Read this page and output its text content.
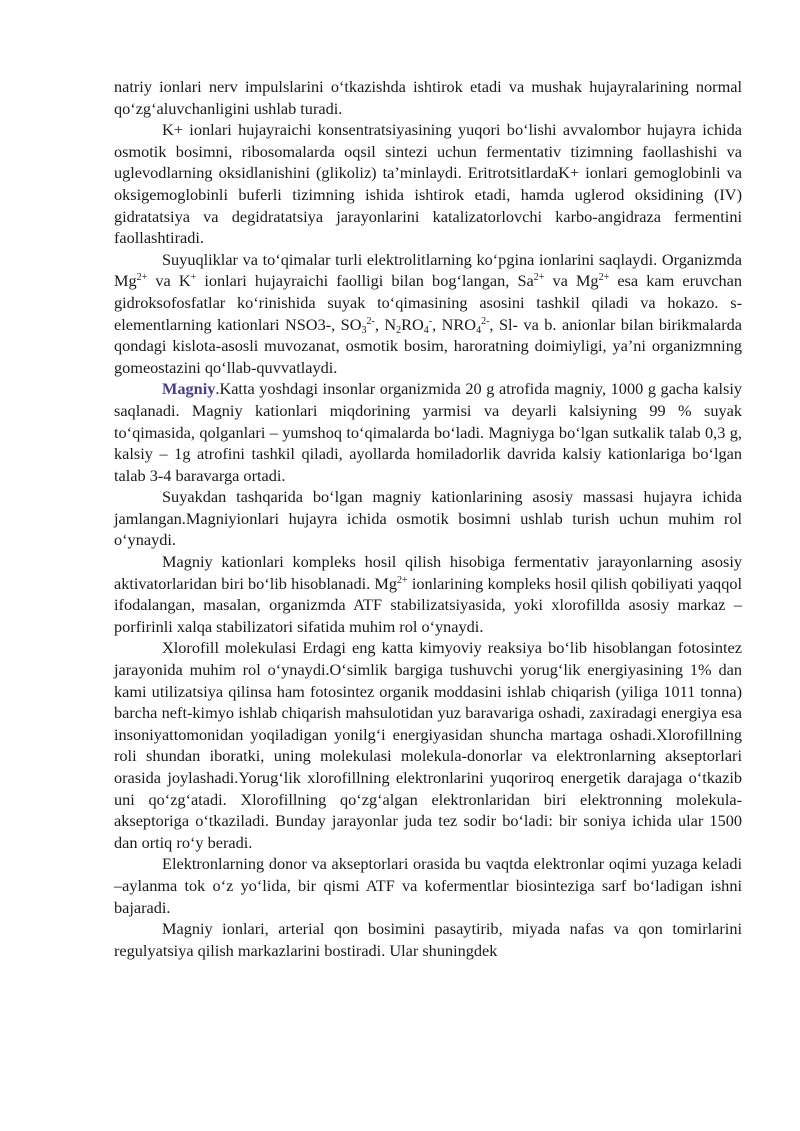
natriy ionlari nerv impulslarini o‘tkazishda ishtirok etadi va mushak hujayralarining normal qo‘zg‘aluvchanligini ushlab turadi.

K+ ionlari hujayraichi konsentratsiyasining yuqori bo‘lishi avvalombor hujayra ichida osmotik bosimni, ribosomalarda oqsil sintezi uchun fermentativ tizimning faollashishi va uglevodlarning oksidlanishini (glikoliz) ta’minlaydi. EritrotsitlardaK+ ionlari gemoglobinli va oksigemoglobinli buferli tizimning ishida ishtirok etadi, hamda uglerod oksidining (IV) gidratatsiya va degidratatsiya jarayonlarini katalizatorlovchi karbo-angidraza fermentini faollashtiradi.

Suyuqliklar va to‘qimalar turli elektrolitlarning ko‘pgina ionlarini saqlaydi. Organizmda $Mg^{2+}$ va K+ ionlari hujayraichi faolligi bilan bog‘langan, $Sa^{2+}$ va $Mg^{2+}$ esa kam eruvchan gidroksofosfatlar ko‘rinishida suyak to‘qimasining asosini tashkil qiladi va hokazo. s-elementlarning kationlari NSO3-, $SO_3^{2-}$, $N_2RO_4^-$, $NRO_4^{2-}$, Sl- va b. anionlar bilan birikmalarda qondagi kislota-asosli muvozanat, osmotik bosim, haroratning doimiyligi, ya’ni organizmning gomeostazini qo‘llab-quvvatlaydi.

Magniy.Katta yoshdagi insonlar organizmida 20 g atrofida magniy, 1000 g gacha kalsiy saqlanadi. Magniy kationlari miqdorining yarmisi va deyarli kalsiyning 99 % suyak to‘qimasida, qolganlari – yumshoq to‘qimalarda bo‘ladi. Magniyga bo‘lgan sutkalik talab 0,3 g, kalsiy – 1g atrofini tashkil qiladi, ayollarda homiladorlik davrida kalsiy kationlariga bo‘lgan talab 3-4 baravarga ortadi.

Suyakdan tashqarida bo‘lgan magniy kationlarining asosiy massasi hujayra ichida jamlangan.Magniyionlari hujayra ichida osmotik bosimni ushlab turish uchun muhim rol o‘ynaydi.

Magniy kationlari kompleks hosil qilish hisobiga fermentativ jarayonlarning asosiy aktivatorlaridan biri bo‘lib hisoblanadi. $Mg^{2+}$ ionlarining kompleks hosil qilish qobiliyati yaqqol ifodalangan, masalan, organizmda ATF stabilizatsiyasida, yoki xlorofillda asosiy markaz – porfirinli xalqa stabilizatori sifatida muhim rol o‘ynaydi.

Xlorofill molekulasi Erdagi eng katta kimyoviy reaksiya bo‘lib hisoblangan fotosintez jarayonida muhim rol o‘ynaydi.O‘simlik bargiga tushuvchi yorug‘lik energiyasining 1% dan kami utilizatsiya qilinsa ham fotosintez organik moddasini ishlab chiqarish (yiliga 1011 tonna) barcha neft-kimyo ishlab chiqarish mahsulotidan yuz baravariga oshadi, zaxiradagi energiya esa insoniyattomonidan yoqiladigan yonilg‘i energiyasidan shuncha martaga oshadi.Xlorofillning roli shundan iboratki, uning molekulasi molekula-donorlar va elektronlarning akseptorlari orasida joylashadi.Yorug‘lik xlorofillning elektronlarini yuqoriroq energetik darajaga o‘tkazib uni qo‘zg‘atadi. Xlorofillning qo‘zg‘algan elektronlaridan biri elektronning molekula-akseptoriga o‘tkaziladi. Bunday jarayonlar juda tez sodir bo‘ladi: bir soniya ichida ular 1500 dan ortiq ro‘y beradi.

Elektronlarning donor va akseptorlari orasida bu vaqtda elektronlar oqimi yuzaga keladi –aylanma tok o‘z yo‘lida, bir qismi ATF va kofermentlar biosinteziga sarf bo‘ladigan ishni bajaradi.

Magniy ionlari, arterial qon bosimini pasaytirib, miyada nafas va qon tomirlarini regulyatsiya qilish markazlarini bostiradi. Ular shuningdek
